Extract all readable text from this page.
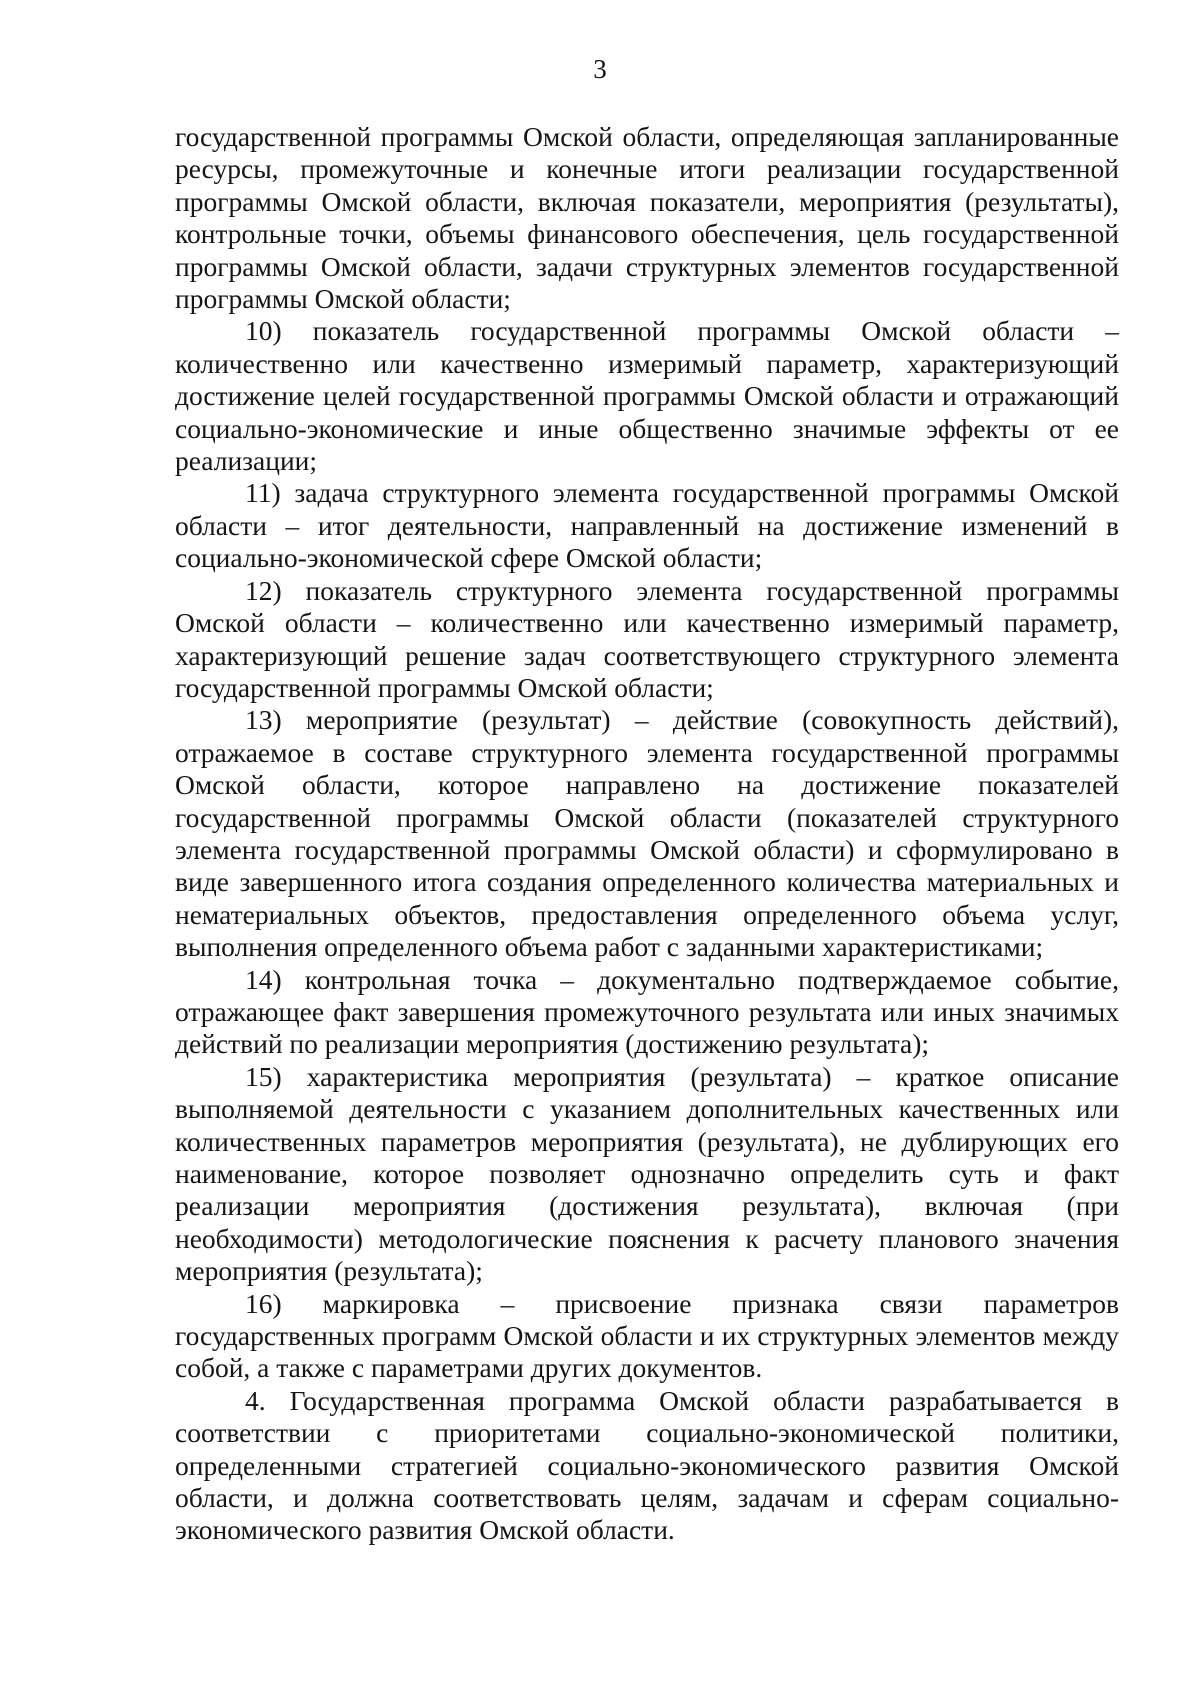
3

государственной программы Омской области, определяющая запланированные ресурсы, промежуточные и конечные итоги реализации государственной программы Омской области, включая показатели, мероприятия (результаты), контрольные точки, объемы финансового обеспечения, цель государственной программы Омской области, задачи структурных элементов государственной программы Омской области;

10) показатель государственной программы Омской области – количественно или качественно измеримый параметр, характеризующий достижение целей государственной программы Омской области и отражающий социально-экономические и иные общественно значимые эффекты от ее реализации;

11) задача структурного элемента государственной программы Омской области – итог деятельности, направленный на достижение изменений в социально-экономической сфере Омской области;

12) показатель структурного элемента государственной программы Омской области – количественно или качественно измеримый параметр, характеризующий решение задач соответствующего структурного элемента государственной программы Омской области;

13) мероприятие (результат) – действие (совокупность действий), отражаемое в составе структурного элемента государственной программы Омской области, которое направлено на достижение показателей государственной программы Омской области (показателей структурного элемента государственной программы Омской области) и сформулировано в виде завершенного итога создания определенного количества материальных и нематериальных объектов, предоставления определенного объема услуг, выполнения определенного объема работ с заданными характеристиками;

14) контрольная точка – документально подтверждаемое событие, отражающее факт завершения промежуточного результата или иных значимых действий по реализации мероприятия (достижению результата);

15) характеристика мероприятия (результата) – краткое описание выполняемой деятельности с указанием дополнительных качественных или количественных параметров мероприятия (результата), не дублирующих его наименование, которое позволяет однозначно определить суть и факт реализации мероприятия (достижения результата), включая (при необходимости) методологические пояснения к расчету планового значения мероприятия (результата);

16) маркировка – присвоение признака связи параметров государственных программ Омской области и их структурных элементов между собой, а также с параметрами других документов.

4. Государственная программа Омской области разрабатывается в соответствии с приоритетами социально-экономической политики, определенными стратегией социально-экономического развития Омской области, и должна соответствовать целям, задачам и сферам социально-экономического развития Омской области.
